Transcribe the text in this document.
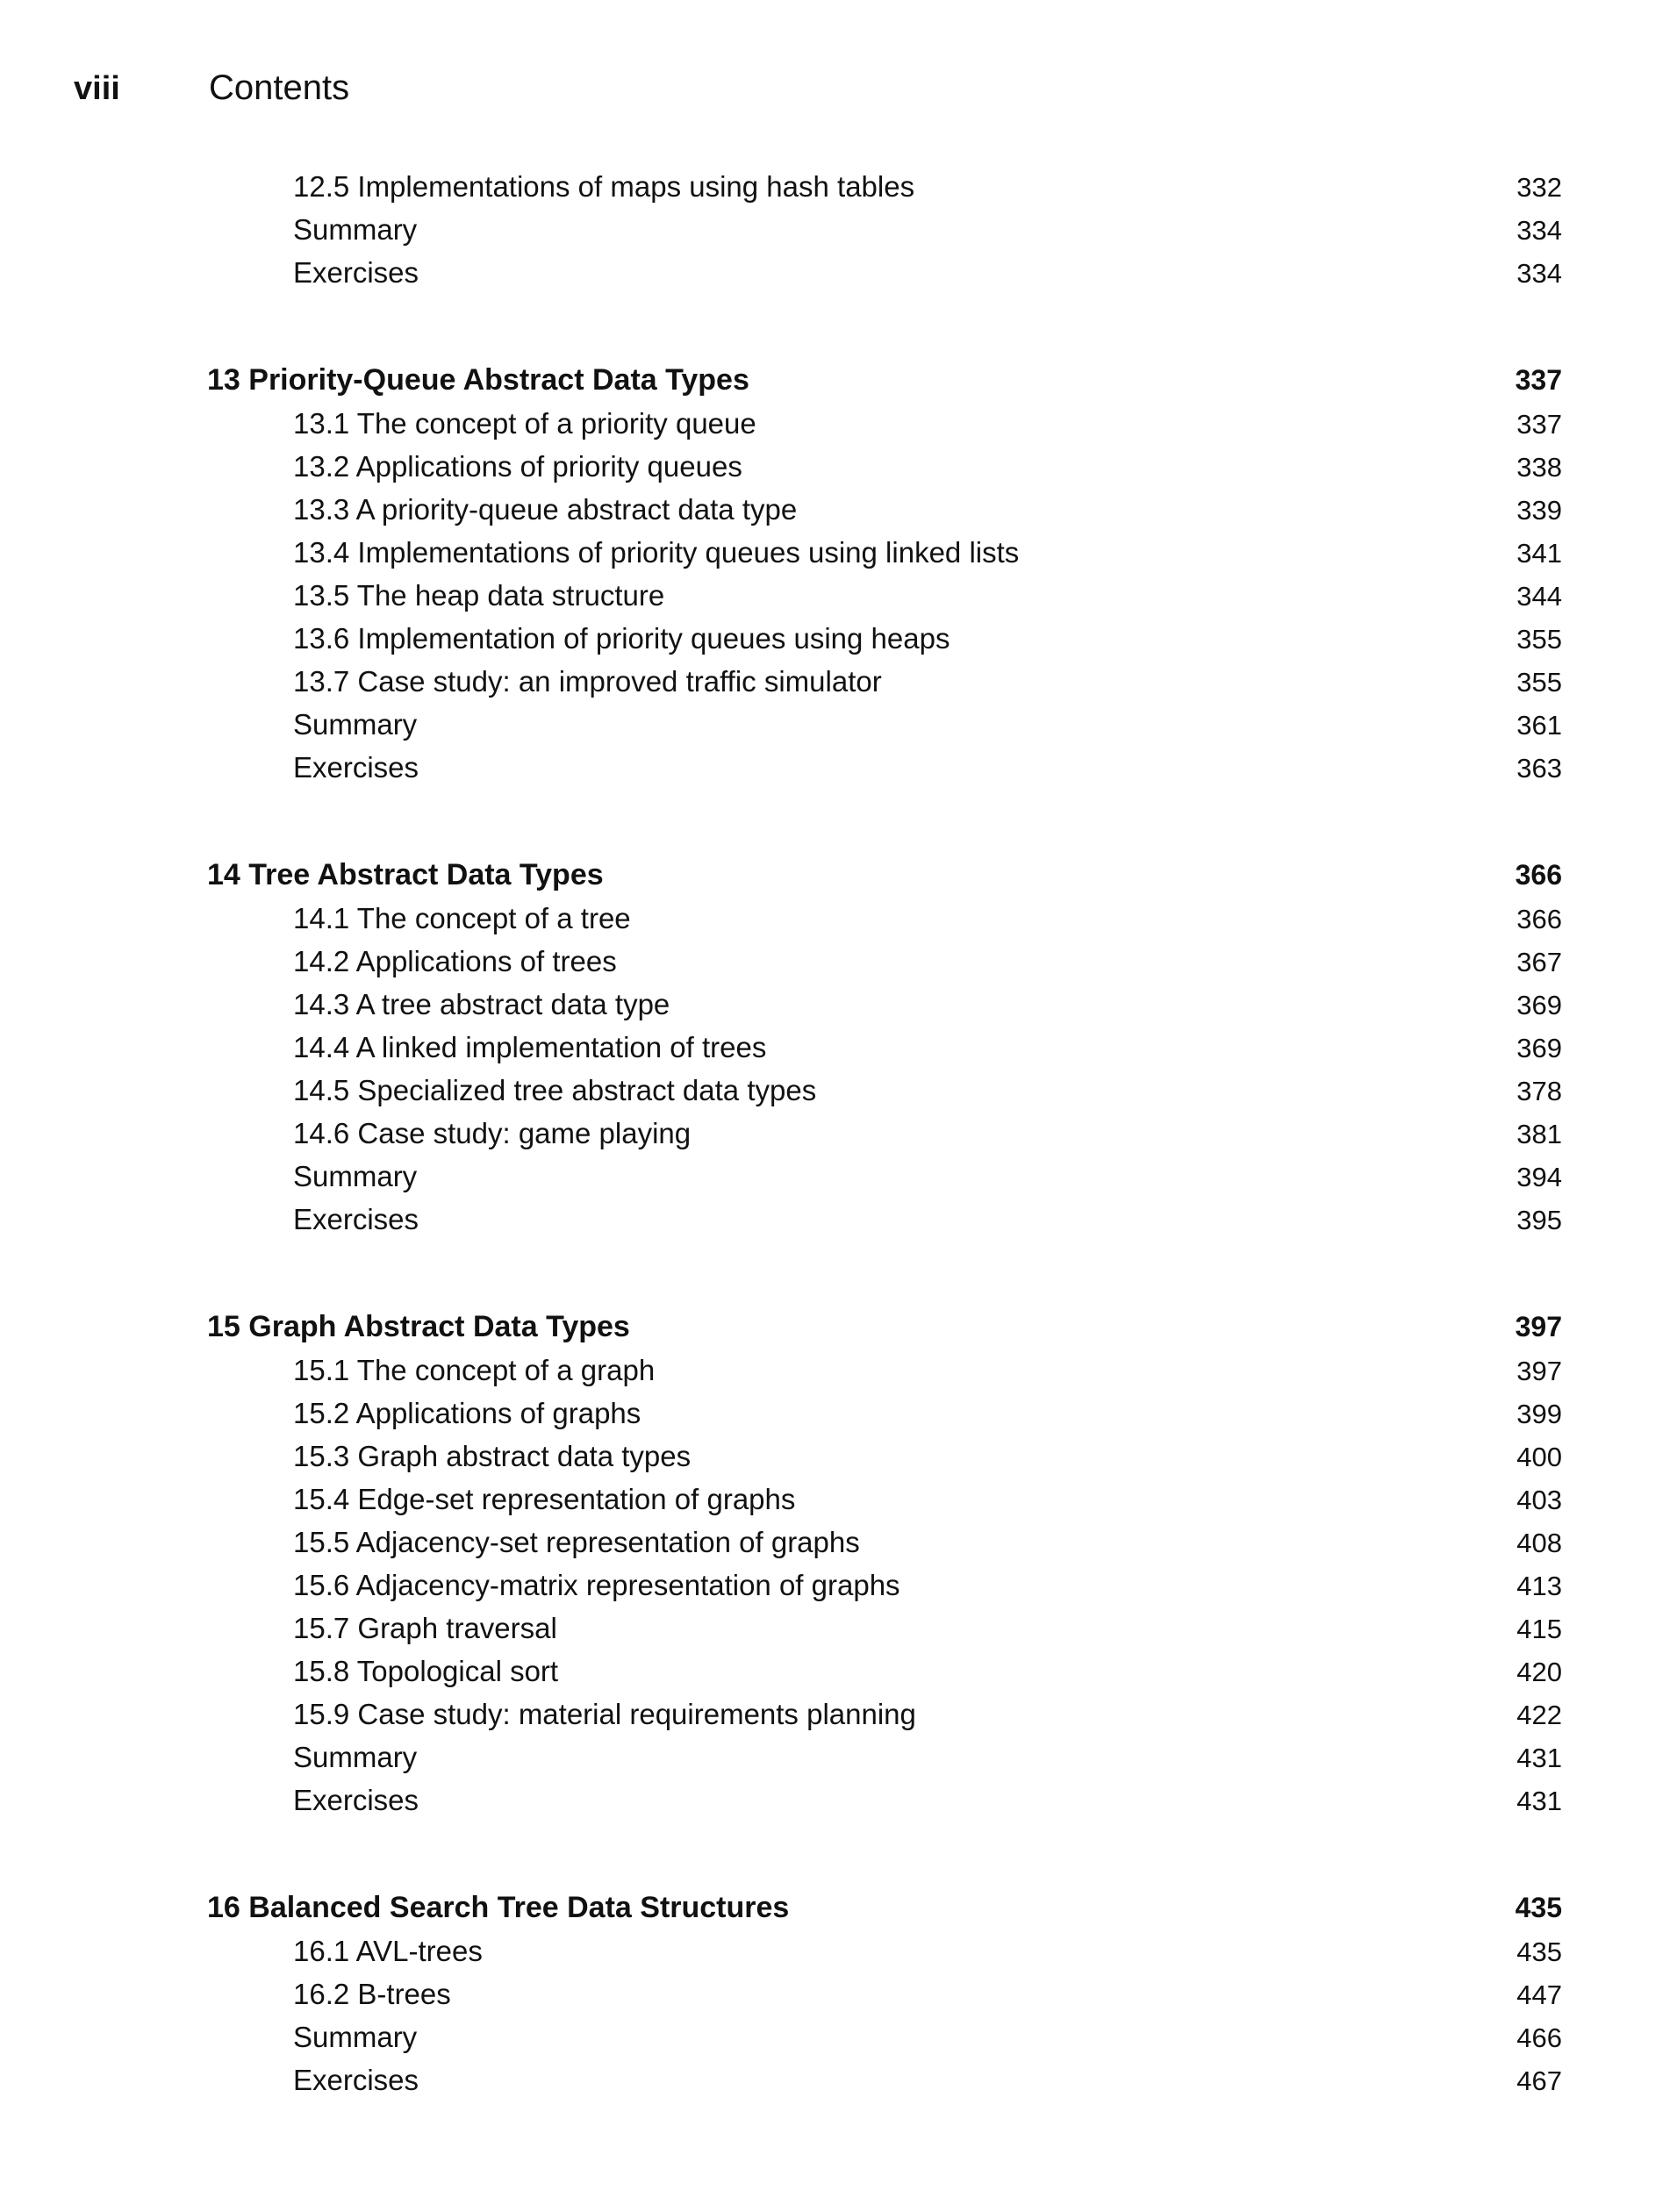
viii	Contents
12.5 Implementations of maps using hash tables	332
Summary	334
Exercises	334
13 Priority-Queue Abstract Data Types	337
13.1 The concept of a priority queue	337
13.2 Applications of priority queues	338
13.3 A priority-queue abstract data type	339
13.4 Implementations of priority queues using linked lists	341
13.5 The heap data structure	344
13.6 Implementation of priority queues using heaps	355
13.7 Case study: an improved traffic simulator	355
Summary	361
Exercises	363
14 Tree Abstract Data Types	366
14.1 The concept of a tree	366
14.2 Applications of trees	367
14.3 A tree abstract data type	369
14.4 A linked implementation of trees	369
14.5 Specialized tree abstract data types	378
14.6 Case study: game playing	381
Summary	394
Exercises	395
15 Graph Abstract Data Types	397
15.1 The concept of a graph	397
15.2 Applications of graphs	399
15.3 Graph abstract data types	400
15.4 Edge-set representation of graphs	403
15.5 Adjacency-set representation of graphs	408
15.6 Adjacency-matrix representation of graphs	413
15.7 Graph traversal	415
15.8 Topological sort	420
15.9 Case study: material requirements planning	422
Summary	431
Exercises	431
16 Balanced Search Tree Data Structures	435
16.1 AVL-trees	435
16.2 B-trees	447
Summary	466
Exercises	467
